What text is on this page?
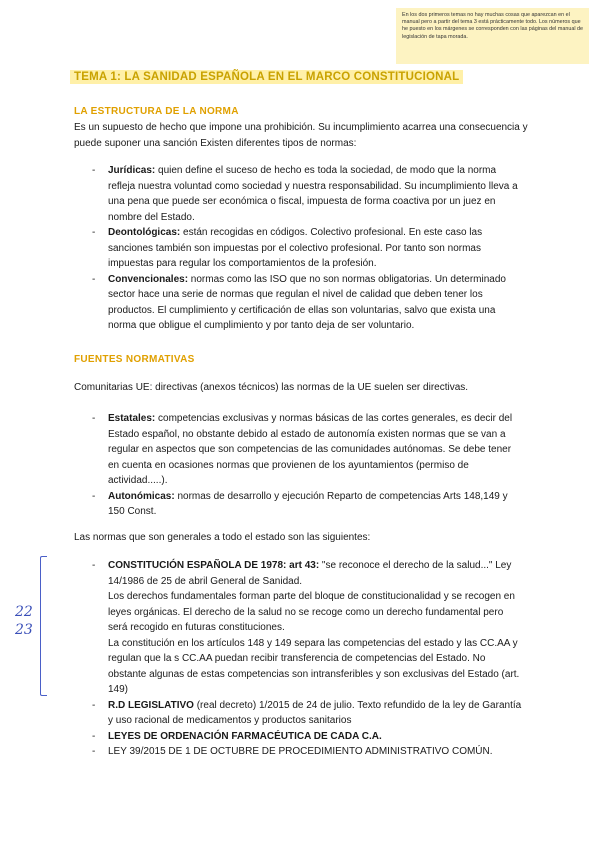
En los dos primeros temas no hay muchas cosas que aparezcan en el manual pero a partir del tema 3 está prácticamente todo. Los números que he puesto en los márgenes se corresponden con las páginas del manual de legislación de tapa morada.
TEMA 1: LA SANIDAD ESPAÑOLA EN EL MARCO CONSTITUCIONAL
LA ESTRUCTURA DE LA NORMA

Es un supuesto de hecho que impone una prohibición. Su incumplimiento acarrea una consecuencia y puede suponer una sanción Existen diferentes tipos de normas:

- Jurídicas: quien define el suceso de hecho es toda la sociedad, de modo que la norma refleja nuestra voluntad como sociedad y nuestra responsabilidad. Su incumplimiento lleva a una pena que puede ser económica o fiscal, impuesta de forma coactiva por un juez en nombre del Estado.
- Deontológicas: están recogidas en códigos. Colectivo profesional. En este caso las sanciones también son impuestas por el colectivo profesional. Por tanto son normas impuestas para regular los comportamientos de la profesión.
- Convencionales: normas como las ISO que no son normas obligatorias. Un determinado sector hace una serie de normas que regulan el nivel de calidad que deben tener los productos. El cumplimiento y certificación de ellas son voluntarias, salvo que exista una norma que obligue el cumplimiento y por tanto deja de ser voluntario.
FUENTES NORMATIVAS

Comunitarias UE: directivas (anexos técnicos) las normas de la UE suelen ser directivas.

- Estatales: competencias exclusivas y normas básicas de las cortes generales, es decir del Estado español, no obstante debido al estado de autonomía existen normas que se van a regular en aspectos que son competencias de las comunidades autónomas. Se debe tener en cuenta en ocasiones normas que provienen de los ayuntamientos (permiso de actividad.....).
- Autonómicas: normas de desarrollo y ejecución Reparto de competencias Arts 148,149 y 150 Const.

Las normas que son generales a todo el estado son las siguientes:

- CONSTITUCIÓN ESPAÑOLA DE 1978: art 43: "se reconoce el derecho de la salud..." Ley 14/1986 de 25 de abril General de Sanidad.
Los derechos fundamentales forman parte del bloque de constitucionalidad y se recogen en leyes orgánicas. El derecho de la salud no se recoge como un derecho fundamental pero será recogido en futuras constituciones.
La constitución en los artículos 148 y 149 separa las competencias del estado y las CC.AA y regulan que la s CC.AA puedan recibir transferencia de competencias del Estado. No obstante algunas de estas competencias son intransferibles y son exclusivas del Estado (art. 149)
- R.D LEGISLATIVO (real decreto) 1/2015 de 24 de julio. Texto refundido de la ley de Garantía y uso racional de medicamentos y productos sanitarios
- LEYES DE ORDENACIÓN FARMACÉUTICA DE CADA C.A.
- LEY 39/2015 DE 1 DE OCTUBRE DE PROCEDIMIENTO ADMINISTRATIVO COMÚN.
22
23
